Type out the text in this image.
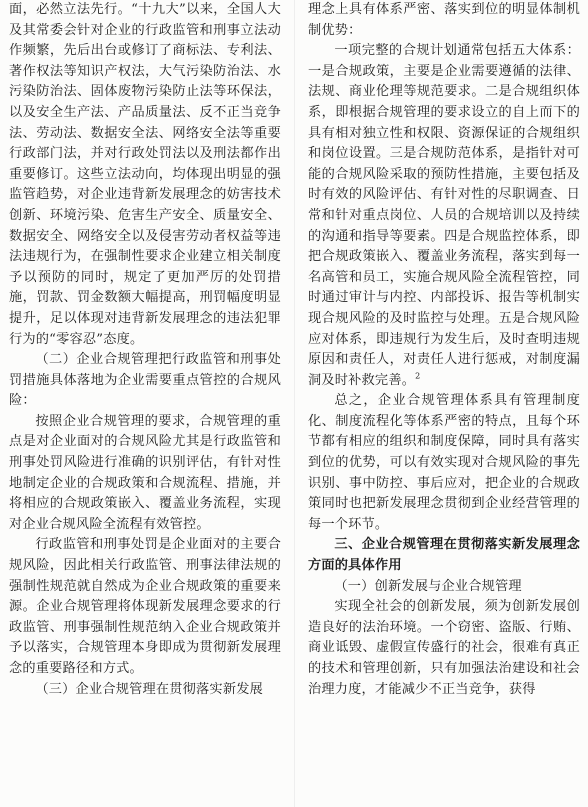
面，必然立法先行。“十九大”以来，全国人大及其常委会针对企业的行政监管和刑事立法动作频繁，先后出台或修订了商标法、专利法、著作权法等知识产权法，大气污染防治法、水污染防治法、固体废物污染防止法等环保法，以及安全生产法、产品质量法、反不正当竞争法、劳动法、数据安全法、网络安全法等重要行政部门法，并对行政处罚法以及刑法都作出重要修订。这些立法动向，均体现出明显的强监管趋势，对企业违背新发展理念的妨害技术创新、环境污染、危害生产安全、质量安全、数据安全、网络安全以及侵害劳动者权益等违法违规行为，在强制性要求企业建立相关制度予以预防的同时，规定了更加严厉的处罚措施，罚款、罚金数额大幅提高，刑罚幅度明显提升，足以体现对违背新发展理念的违法犯罪行为的“零容忍”态度。

（二）企业合规管理把行政监管和刑事处罚措施具体落地为企业需要重点管控的合规风险：

按照企业合规管理的要求，合规管理的重点是对企业面对的合规风险尤其是行政监管和刑事处罚风险进行准确的识别评估，有针对性地制定企业的合规政策和合规流程、措施，并将相应的合规政策嵌入、覆盖业务流程，实现对企业合规风险全流程有效管控。

行政监管和刑事处罚是企业面对的主要合规风险，因此相关行政监管、刑事法律法规的强制性规范就自然成为企业合规政策的重要来源。企业合规管理将体现新发展理念要求的行政监管、刑事强制性规范纳入企业合规政策并予以落实，合规管理本身即成为贯彻新发展理念的重要路径和方式。

（三）企业合规管理在贯彻落实新发展

理念上具有体系严密、落实到位的明显体制机制优势：

一项完整的合规计划通常包括五大体系：一是合规政策，主要是企业需要遵循的法律、法规、商业伦理等规范要求。二是合规组织体系，即根据合规管理的要求设立的自上而下的具有相对独立性和权限、资源保证的合规组织和岗位设置。三是合规防范体系，是指针对可能的合规风险采取的预防性措施，主要包括及时有效的风险评估、有针对性的尽职调查、日常和针对重点岗位、人员的合规培训以及持续的沟通和指导等要素。四是合规监控体系，即把合规政策嵌入、覆盖业务流程，落实到每一名高管和员工，实施合规风险全流程管控，同时通过审计与内控、内部投诉、报告等机制实现合规风险的及时监控与处理。五是合规风险应对体系，即违规行为发生后，及时查明违规原因和责任人，对责任人进行惩戒，对制度漏洞及时补救完善。$^2$

总之，企业合规管理体系具有管理制度化、制度流程化等体系严密的特点，且每个环节都有相应的组织和制度保障，同时具有落实到位的优势，可以有效实现对合规风险的事先识别、事中防控、事后应对，把企业的合规政策同时也把新发展理念贯彻到企业经营管理的每一个环节。

三、企业合规管理在贯彻落实新发展理念方面的具体作用

（一）创新发展与企业合规管理

实现全社会的创新发展，须为创新发展创造良好的法治环境。一个窃密、盗版、行贿、商业诋毁、虚假宣传盛行的社会，很难有真正的技术和管理创新，只有加强法治建设和社会治理力度，才能减少不正当竞争，获得
